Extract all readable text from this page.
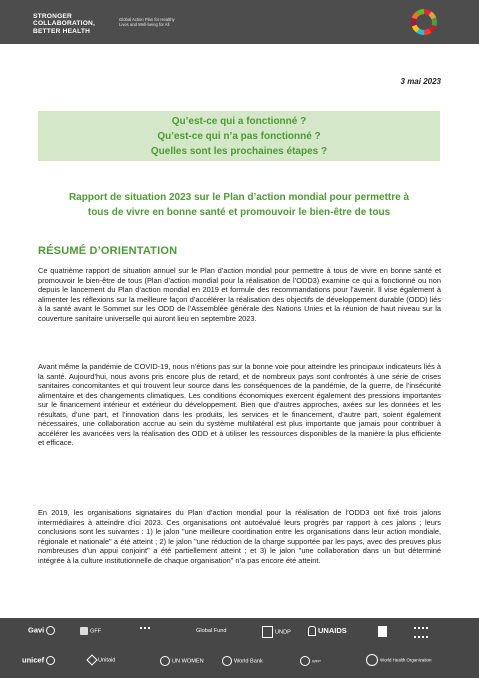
STRONGER
COLLABORATION,
BETTER HEALTH
Global Action Plan for Healthy
Lives and Well-being for All
3 mai 2023
Qu’est-ce qui a fonctionné ?
Qu’est-ce qui n’a pas fonctionné ?
Quelles sont les prochaines étapes ?
Rapport de situation 2023 sur le Plan d’action mondial pour permettre à
tous de vivre en bonne santé et promouvoir le bien-être de tous
RÉSUMÉ D’ORIENTATION

Ce quatrième rapport de situation annuel sur le Plan d’action mondial pour permettre à tous de vivre en bonne santé et promouvoir le bien-être de tous (Plan d’action mondial pour la réalisation de l’ODD3) examine ce qui a fonctionné ou non depuis le lancement du Plan d’action mondial en 2019 et formule des recommandations pour l’avenir. Il vise également à alimenter les réflexions sur la meilleure façon d’accélérer la réalisation des objectifs de développement durable (ODD) liés à la santé avant le Sommet sur les ODD de l’Assemblée générale des Nations Unies et la réunion de haut niveau sur la couverture sanitaire universelle qui auront lieu en septembre 2023.

Avant même la pandémie de COVID-19, nous n’étions pas sur la bonne voie pour atteindre les principaux indicateurs liés à la santé. Aujourd’hui, nous avons pris encore plus de retard, et de nombreux pays sont confrontés à une série de crises sanitaires concomitantes et qui trouvent leur source dans les conséquences de la pandémie, de la guerre, de l’insécurité alimentaire et des changements climatiques. Les conditions économiques exercent également des pressions importantes sur le financement intérieur et extérieur du développement. Bien que d’autres approches, axées sur les données et les résultats, d’une part, et l’innovation dans les produits, les services et le financement, d’autre part, soient également nécessaires, une collaboration accrue au sein du système multilatéral est plus importante que jamais pour contribuer à accélérer les avancées vers la réalisation des ODD et à utiliser les ressources disponibles de la manière la plus efficiente et efficace.

En 2019, les organisations signataires du Plan d’action mondial pour la réalisation de l’ODD3 ont fixé trois jalons intermédiaires à atteindre d’ici 2023. Ces organisations ont autoévalué leurs progrès par rapport à ces jalons ; leurs conclusions sont les suivantes : 1) le jalon "une meilleure coordination entre les organisations dans leur action mondiale, régionale et nationale" a été atteint ; 2) le jalon "une réduction de la charge supportée par les pays, avec des preuves plus nombreuses d’un appui conjoint" a été partiellement atteint ; et 3) le jalon "une collaboration dans un but déterminé intégrée à la culture institutionnelle de chaque organisation" n’a pas encore été atteint.

Gavi	GFF	Global Fund	UNDP	UNAIDS
unicef	Unitaid	UN WOMEN	World Bank	WFP	World Health Organization
